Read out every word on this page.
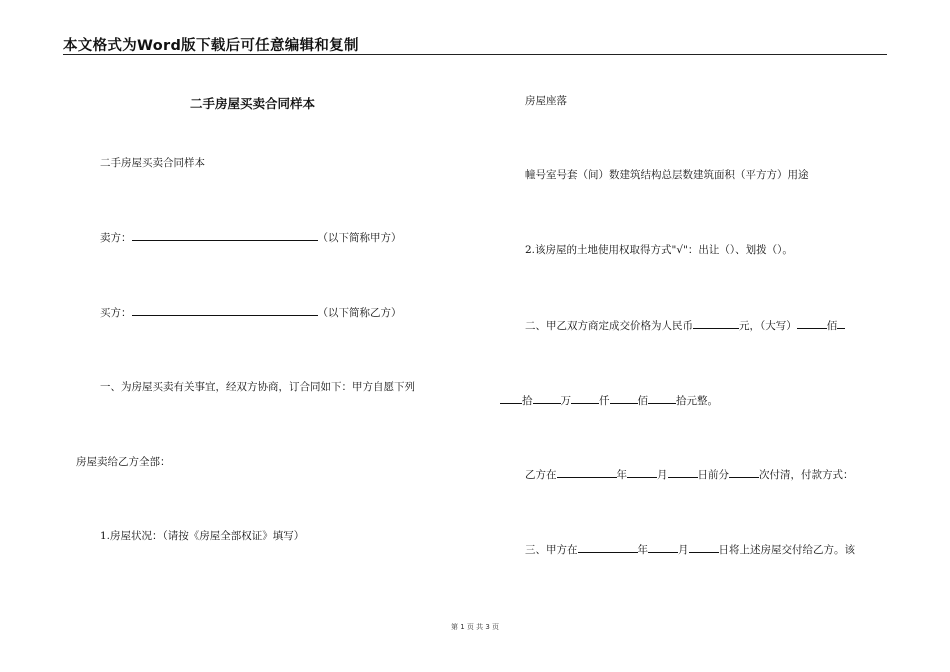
本文格式为Word版下载后可任意编辑和复制
二手房屋买卖合同样本
二手房屋买卖合同样本
卖方：	（以下简称甲方）
买方：	（以下简称乙方）
一、为房屋买卖有关事宜，经双方协商，订合同如下：甲方自愿下列
房屋卖给乙方全部：
1.房屋状况：（请按《房屋全部权证》填写）
房屋座落
幢号室号套（间）数建筑结构总层数建筑面积（平方方）用途
2.该房屋的土地使用权取得方式"√"：出让（）、划拨（）。
二、甲乙双方商定成交价格为人民币	元，（大写）	佰
拾	万	仟	佰	拾元整。
乙方在	年	月	日前分	次付清，付款方式：
三、甲方在	年	月	日将上述房屋交付给乙方。该
第 1 页 共 3 页
